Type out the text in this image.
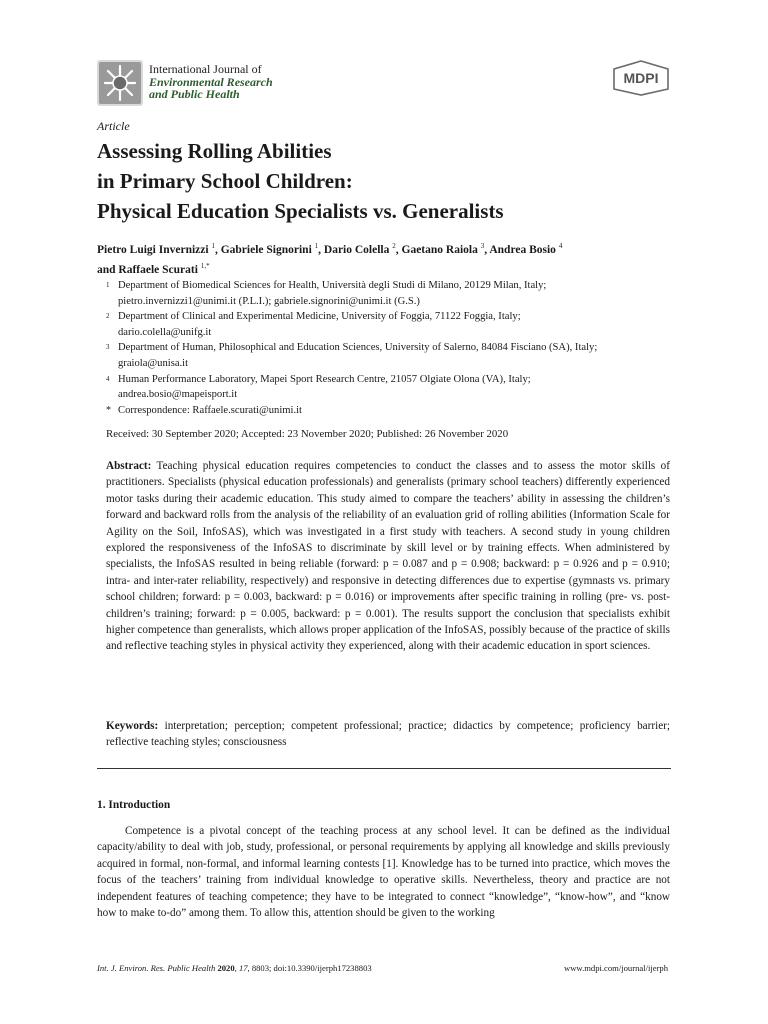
International Journal of
Environmental Research
and Public Health
MDPI
Article
Assessing Rolling Abilities
in Primary School Children:
Physical Education Specialists vs. Generalists
Pietro Luigi Invernizzi $^1$, Gabriele Signorini $^1$, Dario Colella $^2$, Gaetano Raiola $^3$, Andrea Bosio $^4$
and Raffaele Scurati $^{1,*}$
1 Department of Biomedical Sciences for Health, Università degli Studi di Milano, 20129 Milan, Italy;
pietro.invernizzi1@unimi.it (P.L.I.); gabriele.signorini@unimi.it (G.S.)
2 Department of Clinical and Experimental Medicine, University of Foggia, 71122 Foggia, Italy;
dario.colella@unifg.it
3 Department of Human, Philosophical and Education Sciences, University of Salerno, 84084 Fisciano (SA), Italy;
graiola@unisa.it
4 Human Performance Laboratory, Mapei Sport Research Centre, 21057 Olgiate Olona (VA), Italy;
andrea.bosio@mapeisport.it
* Correspondence: Raffaele.scurati@unimi.it
Received: 30 September 2020; Accepted: 23 November 2020; Published: 26 November 2020

Abstract: Teaching physical education requires competencies to conduct the classes and to assess the motor skills of practitioners. Specialists (physical education professionals) and generalists (primary school teachers) differently experienced motor tasks during their academic education. This study aimed to compare the teachers’ ability in assessing the children’s forward and backward rolls from the analysis of the reliability of an evaluation grid of rolling abilities (Information Scale for Agility on the Soil, InfoSAS), which was investigated in a first study with teachers. A second study in young children explored the responsiveness of the InfoSAS to discriminate by skill level or by training effects. When administered by specialists, the InfoSAS resulted in being reliable (forward: p = 0.087 and p = 0.908; backward: p = 0.926 and p = 0.910; intra- and inter-rater reliability, respectively) and responsive in detecting differences due to expertise (gymnasts vs. primary school children; forward: p = 0.003, backward: p = 0.016) or improvements after specific training in rolling (pre- vs. post-children’s training; forward: p = 0.005, backward: p = 0.001). The results support the conclusion that specialists exhibit higher competence than generalists, which allows proper application of the InfoSAS, possibly because of the practice of skills and reflective teaching styles in physical activity they experienced, along with their academic education in sport sciences.

Keywords: interpretation; perception; competent professional; practice; didactics by competence; proficiency barrier; reflective teaching styles; consciousness

1. Introduction

Competence is a pivotal concept of the teaching process at any school level. It can be defined as the individual capacity/ability to deal with job, study, professional, or personal requirements by applying all knowledge and skills previously acquired in formal, non-formal, and informal learning contests [1]. Knowledge has to be turned into practice, which moves the focus of the teachers’ training from individual knowledge to operative skills. Nevertheless, theory and practice are not independent features of teaching competence; they have to be integrated to connect “knowledge”, “know-how”, and “know how to make to-do” among them. To allow this, attention should be given to the working

Int. J. Environ. Res. Public Health 2020, 17, 8803; doi:10.3390/ijerph17238803	www.mdpi.com/journal/ijerph
